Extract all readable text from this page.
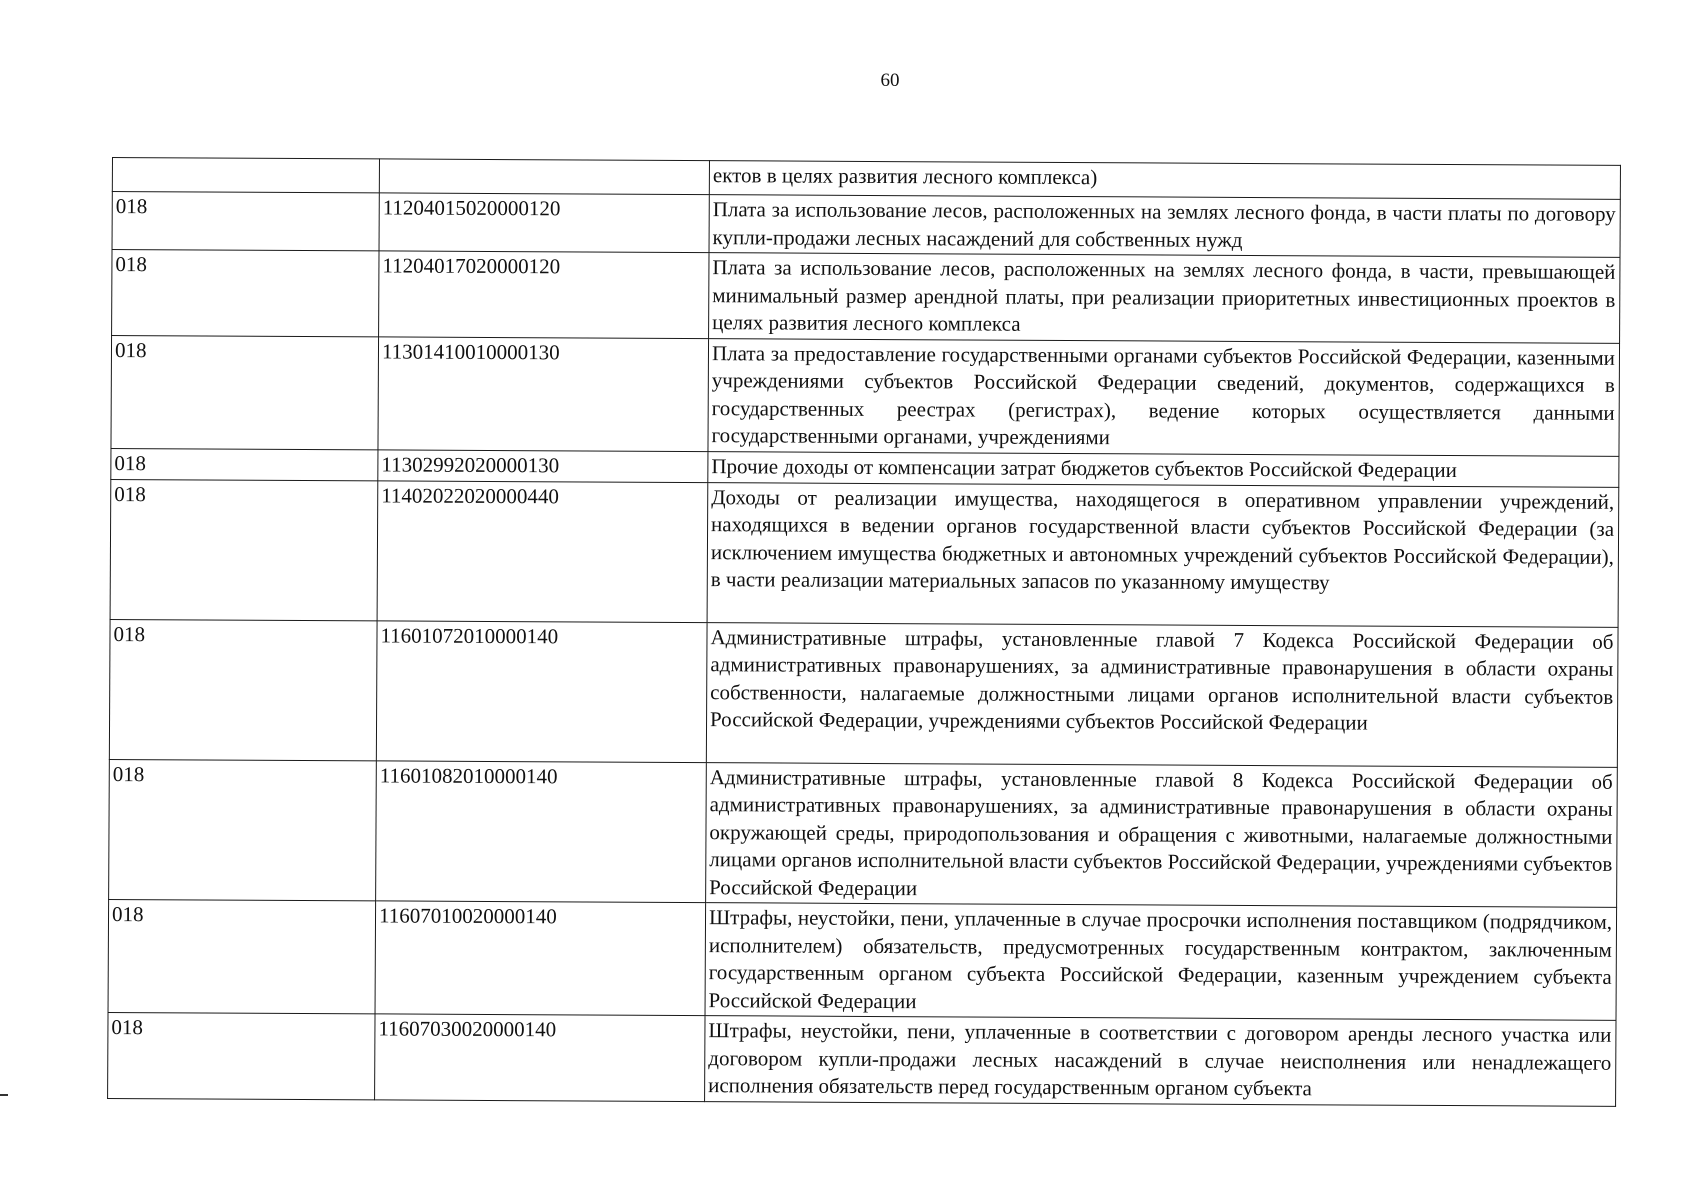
60
		ектов в целях развития лесного комплекса)
018	11204015020000120	Плата за использование лесов, расположенных на землях лесного фонда, в части платы по договору купли-продажи лесных насаждений для собственных нужд
018	11204017020000120	Плата за использование лесов, расположенных на землях лесного фонда, в части, превышающей минимальный размер арендной платы, при реализации приоритетных инвестиционных проектов в целях развития лесного комплекса
018	11301410010000130	Плата за предоставление государственными органами субъектов Российской Федерации, казенными учреждениями субъектов Российской Федерации сведений, документов, содержащихся в государственных реестрах (регистрах), ведение которых осуществляется данными государственными органами, учреждениями
018	11302992020000130	Прочие доходы от компенсации затрат бюджетов субъектов Российской Федерации
018	11402022020000440	Доходы от реализации имущества, находящегося в оперативном управлении учреждений, находящихся в ведении органов государственной власти субъектов Российской Федерации (за исключением имущества бюджетных и автономных учреждений субъектов Российской Федерации), в части реализации материальных запасов по указанному имуществу
018	11601072010000140	Административные штрафы, установленные главой 7 Кодекса Российской Федерации об административных правонарушениях, за административные правонарушения в области охраны собственности, налагаемые должностными лицами органов исполнительной власти субъектов Российской Федерации, учреждениями субъектов Российской Федерации
018	11601082010000140	Административные штрафы, установленные главой 8 Кодекса Российской Федерации об административных правонарушениях, за административные правонарушения в области охраны окружающей среды, природопользования и обращения с животными, налагаемые должностными лицами органов исполнительной власти субъектов Российской Федерации, учреждениями субъектов Российской Федерации
018	11607010020000140	Штрафы, неустойки, пени, уплаченные в случае просрочки исполнения поставщиком (подрядчиком, исполнителем) обязательств, предусмотренных государственным контрактом, заключенным государственным органом субъекта Российской Федерации, казенным учреждением субъекта Российской Федерации
018	11607030020000140	Штрафы, неустойки, пени, уплаченные в соответствии с договором аренды лесного участка или договором купли-продажи лесных насаждений в случае неисполнения или ненадлежащего исполнения обязательств перед государственным органом субъекта
